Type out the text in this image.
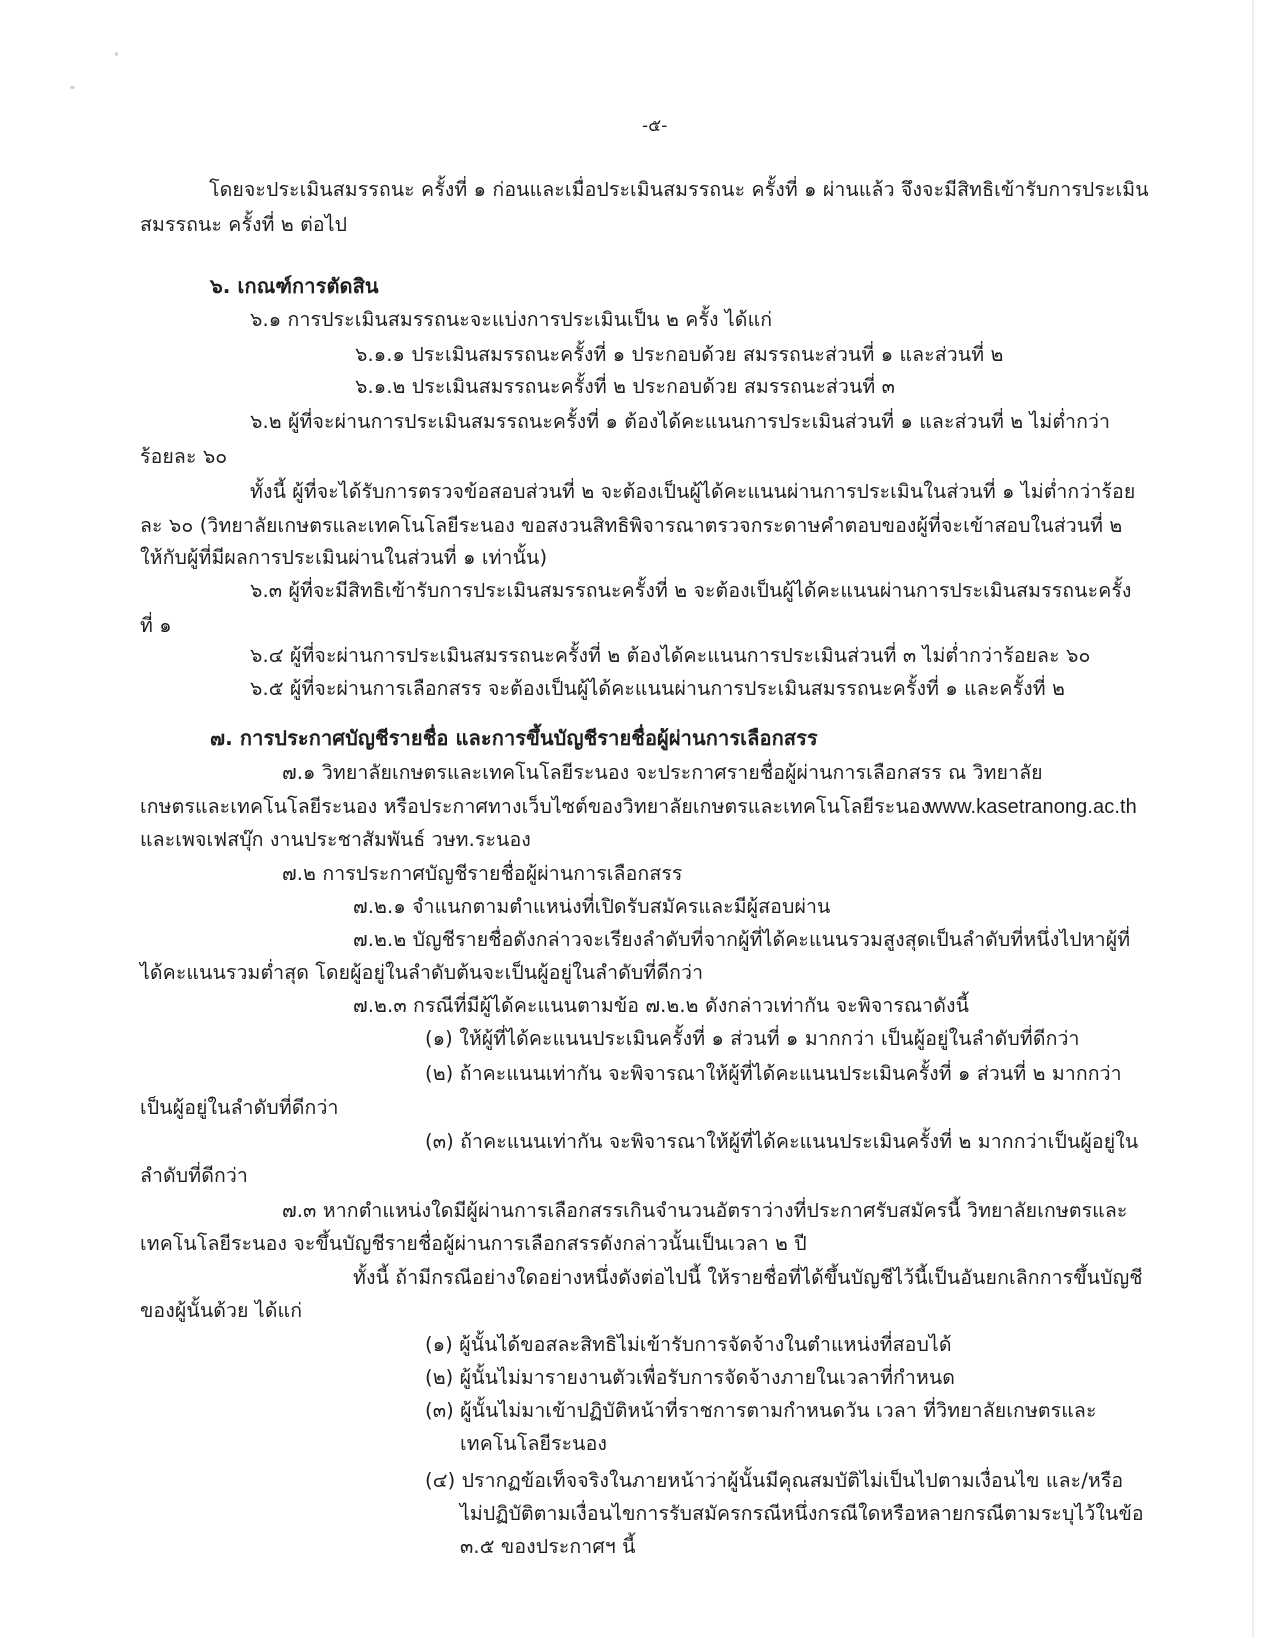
-๕-
โดยจะประเมินสมรรถนะ ครั้งที่ ๑ ก่อนและเมื่อประเมินสมรรถนะ ครั้งที่ ๑ ผ่านแล้ว จึงจะมีสิทธิเข้ารับการประเมิน
สมรรถนะ ครั้งที่ ๒ ต่อไป
๖. เกณฑ์การตัดสิน
๖.๑ การประเมินสมรรถนะจะแบ่งการประเมินเป็น ๒ ครั้ง ได้แก่
๖.๑.๑ ประเมินสมรรถนะครั้งที่ ๑ ประกอบด้วย สมรรถนะส่วนที่ ๑ และส่วนที่ ๒
๖.๑.๒ ประเมินสมรรถนะครั้งที่ ๒ ประกอบด้วย สมรรถนะส่วนที่ ๓
๖.๒ ผู้ที่จะผ่านการประเมินสมรรถนะครั้งที่ ๑ ต้องได้คะแนนการประเมินส่วนที่ ๑ และส่วนที่ ๒ ไม่ต่ำกว่า
ร้อยละ ๖๐
ทั้งนี้ ผู้ที่จะได้รับการตรวจข้อสอบส่วนที่ ๒ จะต้องเป็นผู้ได้คะแนนผ่านการประเมินในส่วนที่ ๑ ไม่ต่ำกว่าร้อย
ละ ๖๐ (วิทยาลัยเกษตรและเทคโนโลยีระนอง ขอสงวนสิทธิพิจารณาตรวจกระดาษคำตอบของผู้ที่จะเข้าสอบในส่วนที่ ๒
ให้กับผู้ที่มีผลการประเมินผ่านในส่วนที่ ๑ เท่านั้น)
๖.๓ ผู้ที่จะมีสิทธิเข้ารับการประเมินสมรรถนะครั้งที่ ๒ จะต้องเป็นผู้ได้คะแนนผ่านการประเมินสมรรถนะครั้ง
ที่ ๑
๖.๔ ผู้ที่จะผ่านการประเมินสมรรถนะครั้งที่ ๒ ต้องได้คะแนนการประเมินส่วนที่ ๓ ไม่ต่ำกว่าร้อยละ ๖๐
๖.๕ ผู้ที่จะผ่านการเลือกสรร จะต้องเป็นผู้ได้คะแนนผ่านการประเมินสมรรถนะครั้งที่ ๑ และครั้งที่ ๒
๗. การประกาศบัญชีรายชื่อ และการขึ้นบัญชีรายชื่อผู้ผ่านการเลือกสรร
๗.๑ วิทยาลัยเกษตรและเทคโนโลยีระนอง จะประกาศรายชื่อผู้ผ่านการเลือกสรร ณ วิทยาลัย
เกษตรและเทคโนโลยีระนอง หรือประกาศทางเว็บไซต์ของวิทยาลัยเกษตรและเทคโนโลยีระนอง
www.kasetranong.ac.th
และเพจเฟสบุ๊ก งานประชาสัมพันธ์ วษท.ระนอง
๗.๒ การประกาศบัญชีรายชื่อผู้ผ่านการเลือกสรร
๗.๒.๑ จำแนกตามตำแหน่งที่เปิดรับสมัครและมีผู้สอบผ่าน
๗.๒.๒ บัญชีรายชื่อดังกล่าวจะเรียงลำดับที่จากผู้ที่ได้คะแนนรวมสูงสุดเป็นลำดับที่หนึ่งไปหาผู้ที่
ได้คะแนนรวมต่ำสุด โดยผู้อยู่ในลำดับต้นจะเป็นผู้อยู่ในลำดับที่ดีกว่า
๗.๒.๓ กรณีที่มีผู้ได้คะแนนตามข้อ ๗.๒.๒ ดังกล่าวเท่ากัน จะพิจารณาดังนี้
(๑) ให้ผู้ที่ได้คะแนนประเมินครั้งที่ ๑ ส่วนที่ ๑ มากกว่า เป็นผู้อยู่ในลำดับที่ดีกว่า
(๒) ถ้าคะแนนเท่ากัน จะพิจารณาให้ผู้ที่ได้คะแนนประเมินครั้งที่ ๑ ส่วนที่ ๒ มากกว่า
เป็นผู้อยู่ในลำดับที่ดีกว่า
(๓) ถ้าคะแนนเท่ากัน จะพิจารณาให้ผู้ที่ได้คะแนนประเมินครั้งที่ ๒ มากกว่าเป็นผู้อยู่ใน
ลำดับที่ดีกว่า
๗.๓ หากตำแหน่งใดมีผู้ผ่านการเลือกสรรเกินจำนวนอัตราว่างที่ประกาศรับสมัครนี้ วิทยาลัยเกษตรและ
เทคโนโลยีระนอง จะขึ้นบัญชีรายชื่อผู้ผ่านการเลือกสรรดังกล่าวนั้นเป็นเวลา ๒ ปี
ทั้งนี้ ถ้ามีกรณีอย่างใดอย่างหนึ่งดังต่อไปนี้ ให้รายชื่อที่ได้ขึ้นบัญชีไว้นี้เป็นอันยกเลิกการขึ้นบัญชี
ของผู้นั้นด้วย ได้แก่
(๑) ผู้นั้นได้ขอสละสิทธิไม่เข้ารับการจัดจ้างในตำแหน่งที่สอบได้
(๒) ผู้นั้นไม่มารายงานตัวเพื่อรับการจัดจ้างภายในเวลาที่กำหนด
(๓) ผู้นั้นไม่มาเข้าปฏิบัติหน้าที่ราชการตามกำหนดวัน เวลา ที่วิทยาลัยเกษตรและ
เทคโนโลยีระนอง
(๔) ปรากฏข้อเท็จจริงในภายหน้าว่าผู้นั้นมีคุณสมบัติไม่เป็นไปตามเงื่อนไข และ/หรือ
ไม่ปฏิบัติตามเงื่อนไขการรับสมัครกรณีหนึ่งกรณีใดหรือหลายกรณีตามระบุไว้ในข้อ
๓.๕ ของประกาศฯ นี้
